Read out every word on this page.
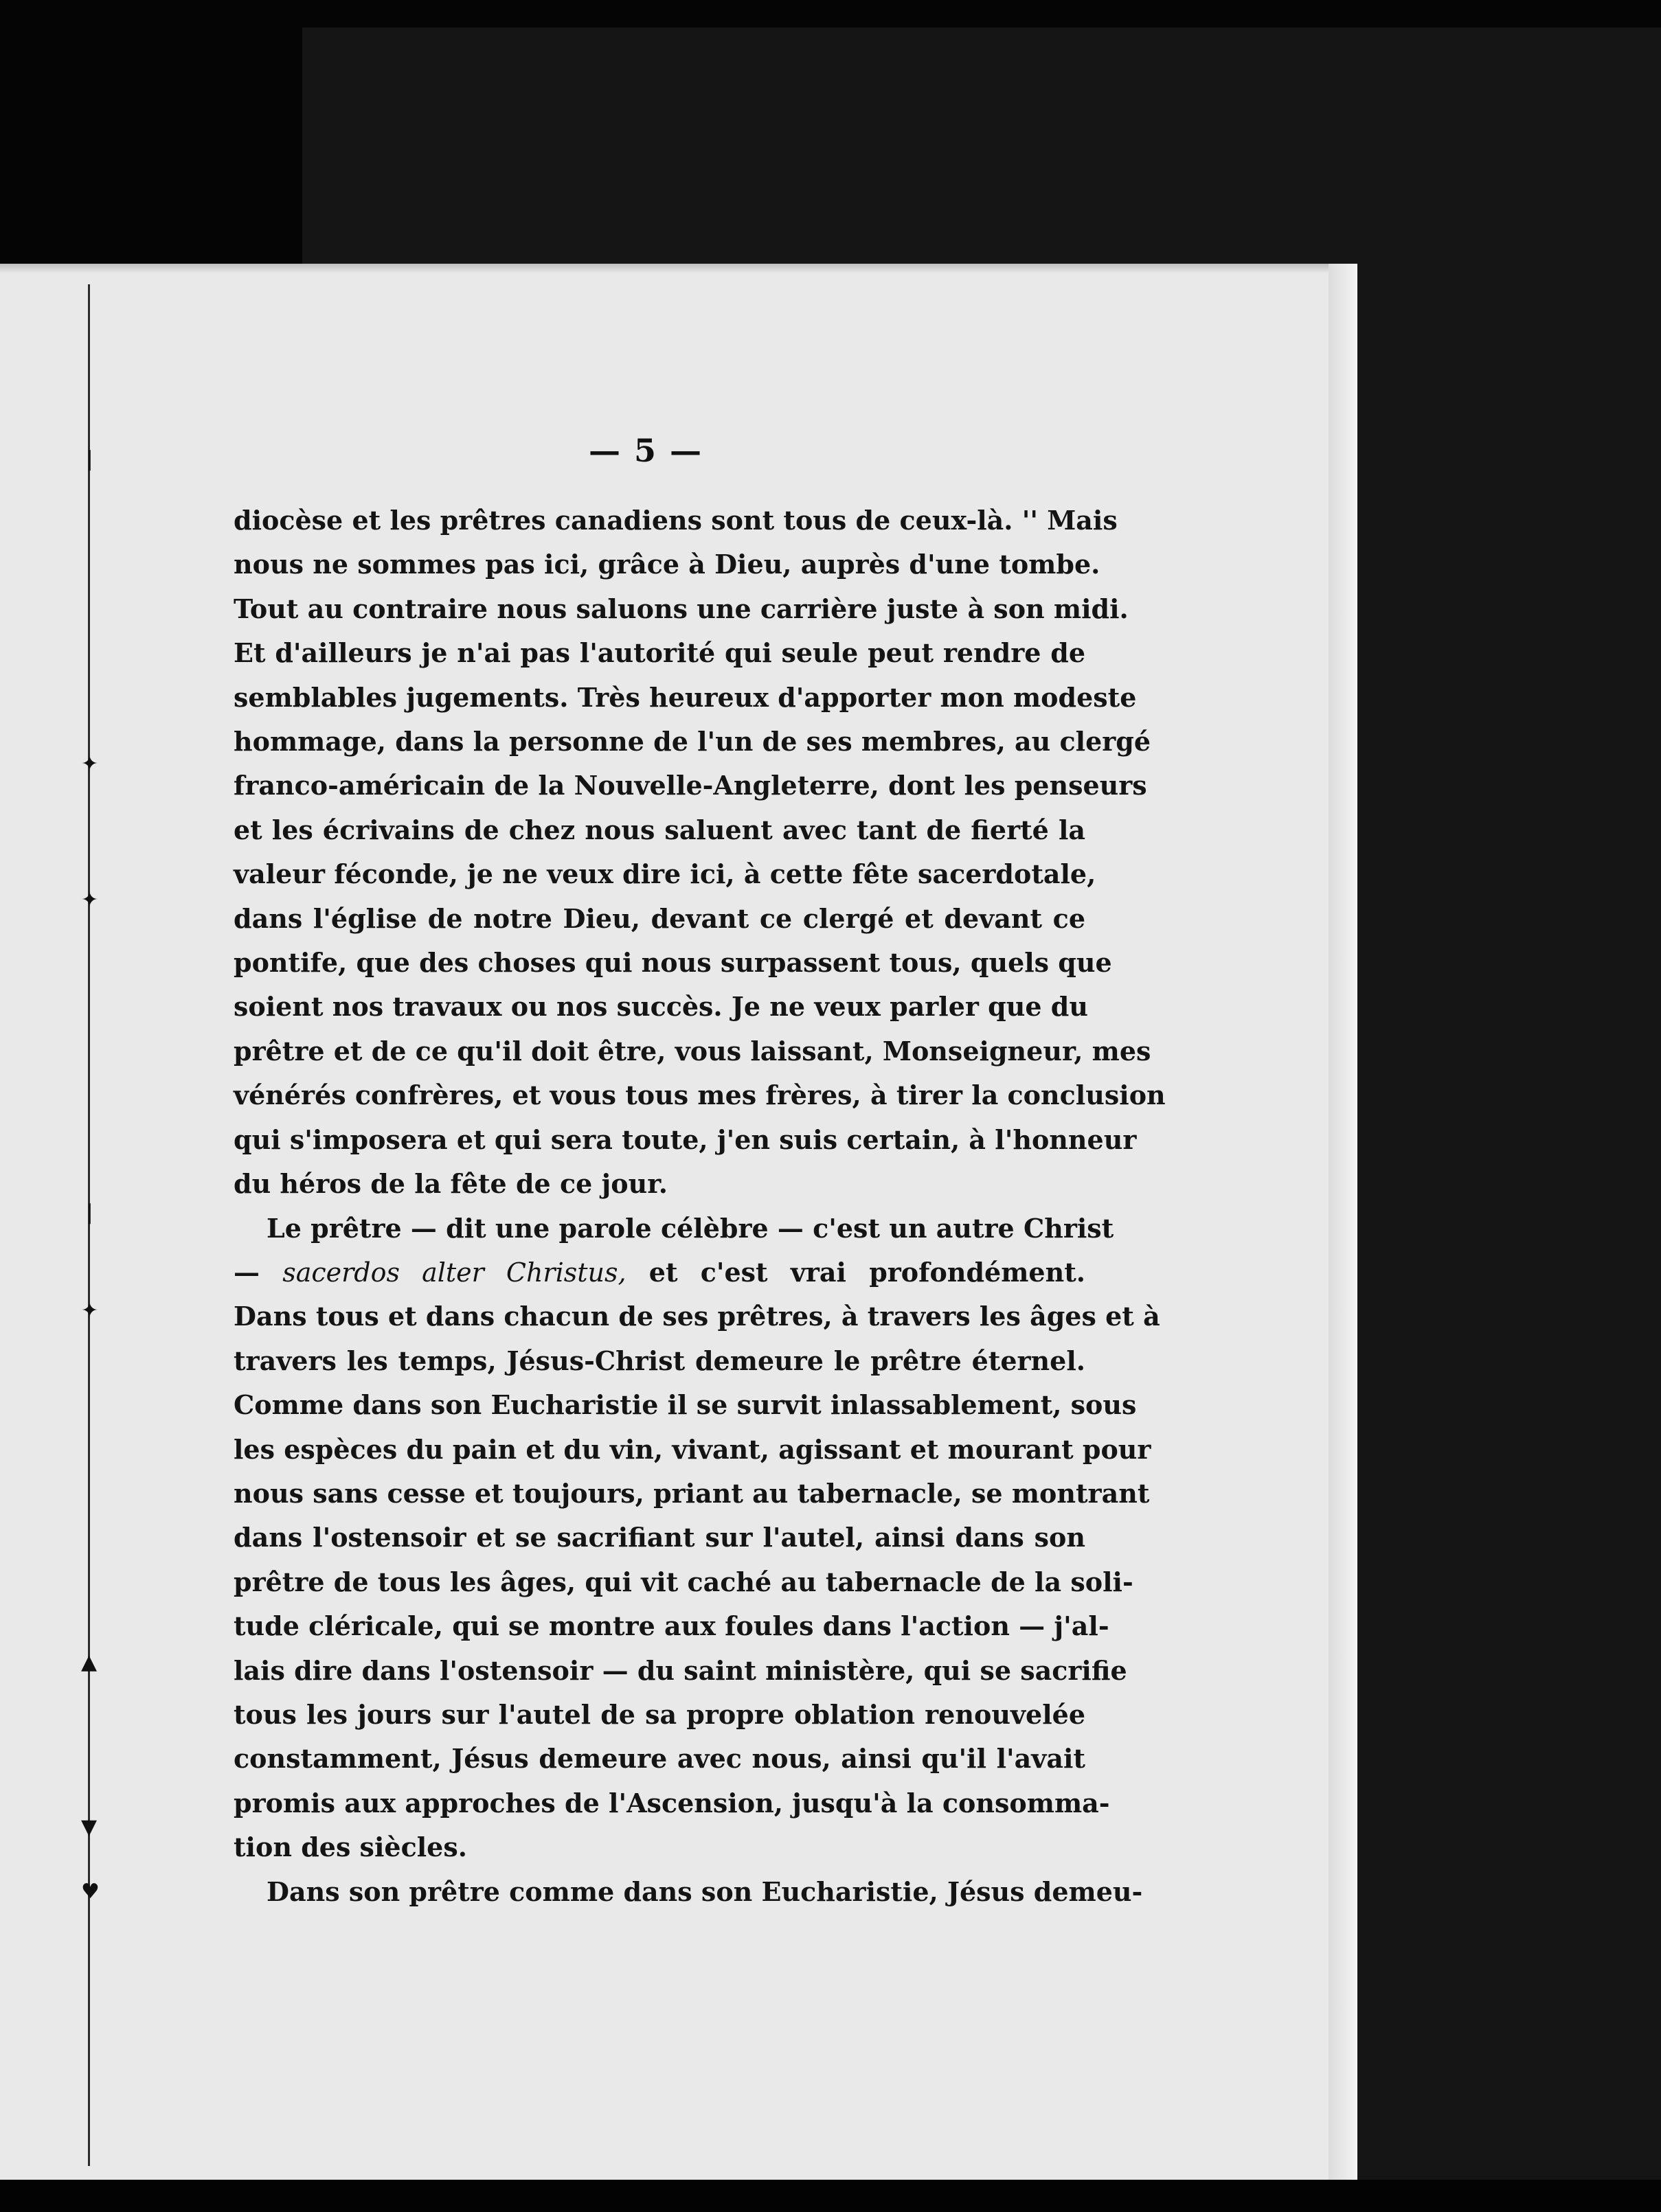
❘
✦
✦
❘
✦
▲
▼
♥
— 5 —
diocèse et les prêtres canadiens sont tous de ceux-là. '' Mais
nous ne sommes pas ici, grâce à Dieu, auprès d'une tombe.
Tout au contraire nous saluons une carrière juste à son midi.
Et d'ailleurs je n'ai pas l'autorité qui seule peut rendre de
semblables jugements. Très heureux d'apporter mon modeste
hommage, dans la personne de l'un de ses membres, au clergé
franco-américain de la Nouvelle-Angleterre, dont les penseurs
et les écrivains de chez nous saluent avec tant de fierté la
valeur féconde, je ne veux dire ici, à cette fête sacerdotale,
dans l'église de notre Dieu, devant ce clergé et devant ce
pontife, que des choses qui nous surpassent tous, quels que
soient nos travaux ou nos succès. Je ne veux parler que du
prêtre et de ce qu'il doit être, vous laissant, Monseigneur, mes
vénérés confrères, et vous tous mes frères, à tirer la conclusion
qui s'imposera et qui sera toute, j'en suis certain, à l'honneur
du héros de la fête de ce jour.
Le prêtre — dit une parole célèbre — c'est un autre Christ
— sacerdos alter Christus, et c'est vrai profondément.
Dans tous et dans chacun de ses prêtres, à travers les âges et à
travers les temps, Jésus-Christ demeure le prêtre éternel.
Comme dans son Eucharistie il se survit inlassablement, sous
les espèces du pain et du vin, vivant, agissant et mourant pour
nous sans cesse et toujours, priant au tabernacle, se montrant
dans l'ostensoir et se sacrifiant sur l'autel, ainsi dans son
prêtre de tous les âges, qui vit caché au tabernacle de la soli-
tude cléricale, qui se montre aux foules dans l'action — j'al-
lais dire dans l'ostensoir — du saint ministère, qui se sacrifie
tous les jours sur l'autel de sa propre oblation renouvelée
constamment, Jésus demeure avec nous, ainsi qu'il l'avait
promis aux approches de l'Ascension, jusqu'à la consomma-
tion des siècles.
Dans son prêtre comme dans son Eucharistie, Jésus demeu-
